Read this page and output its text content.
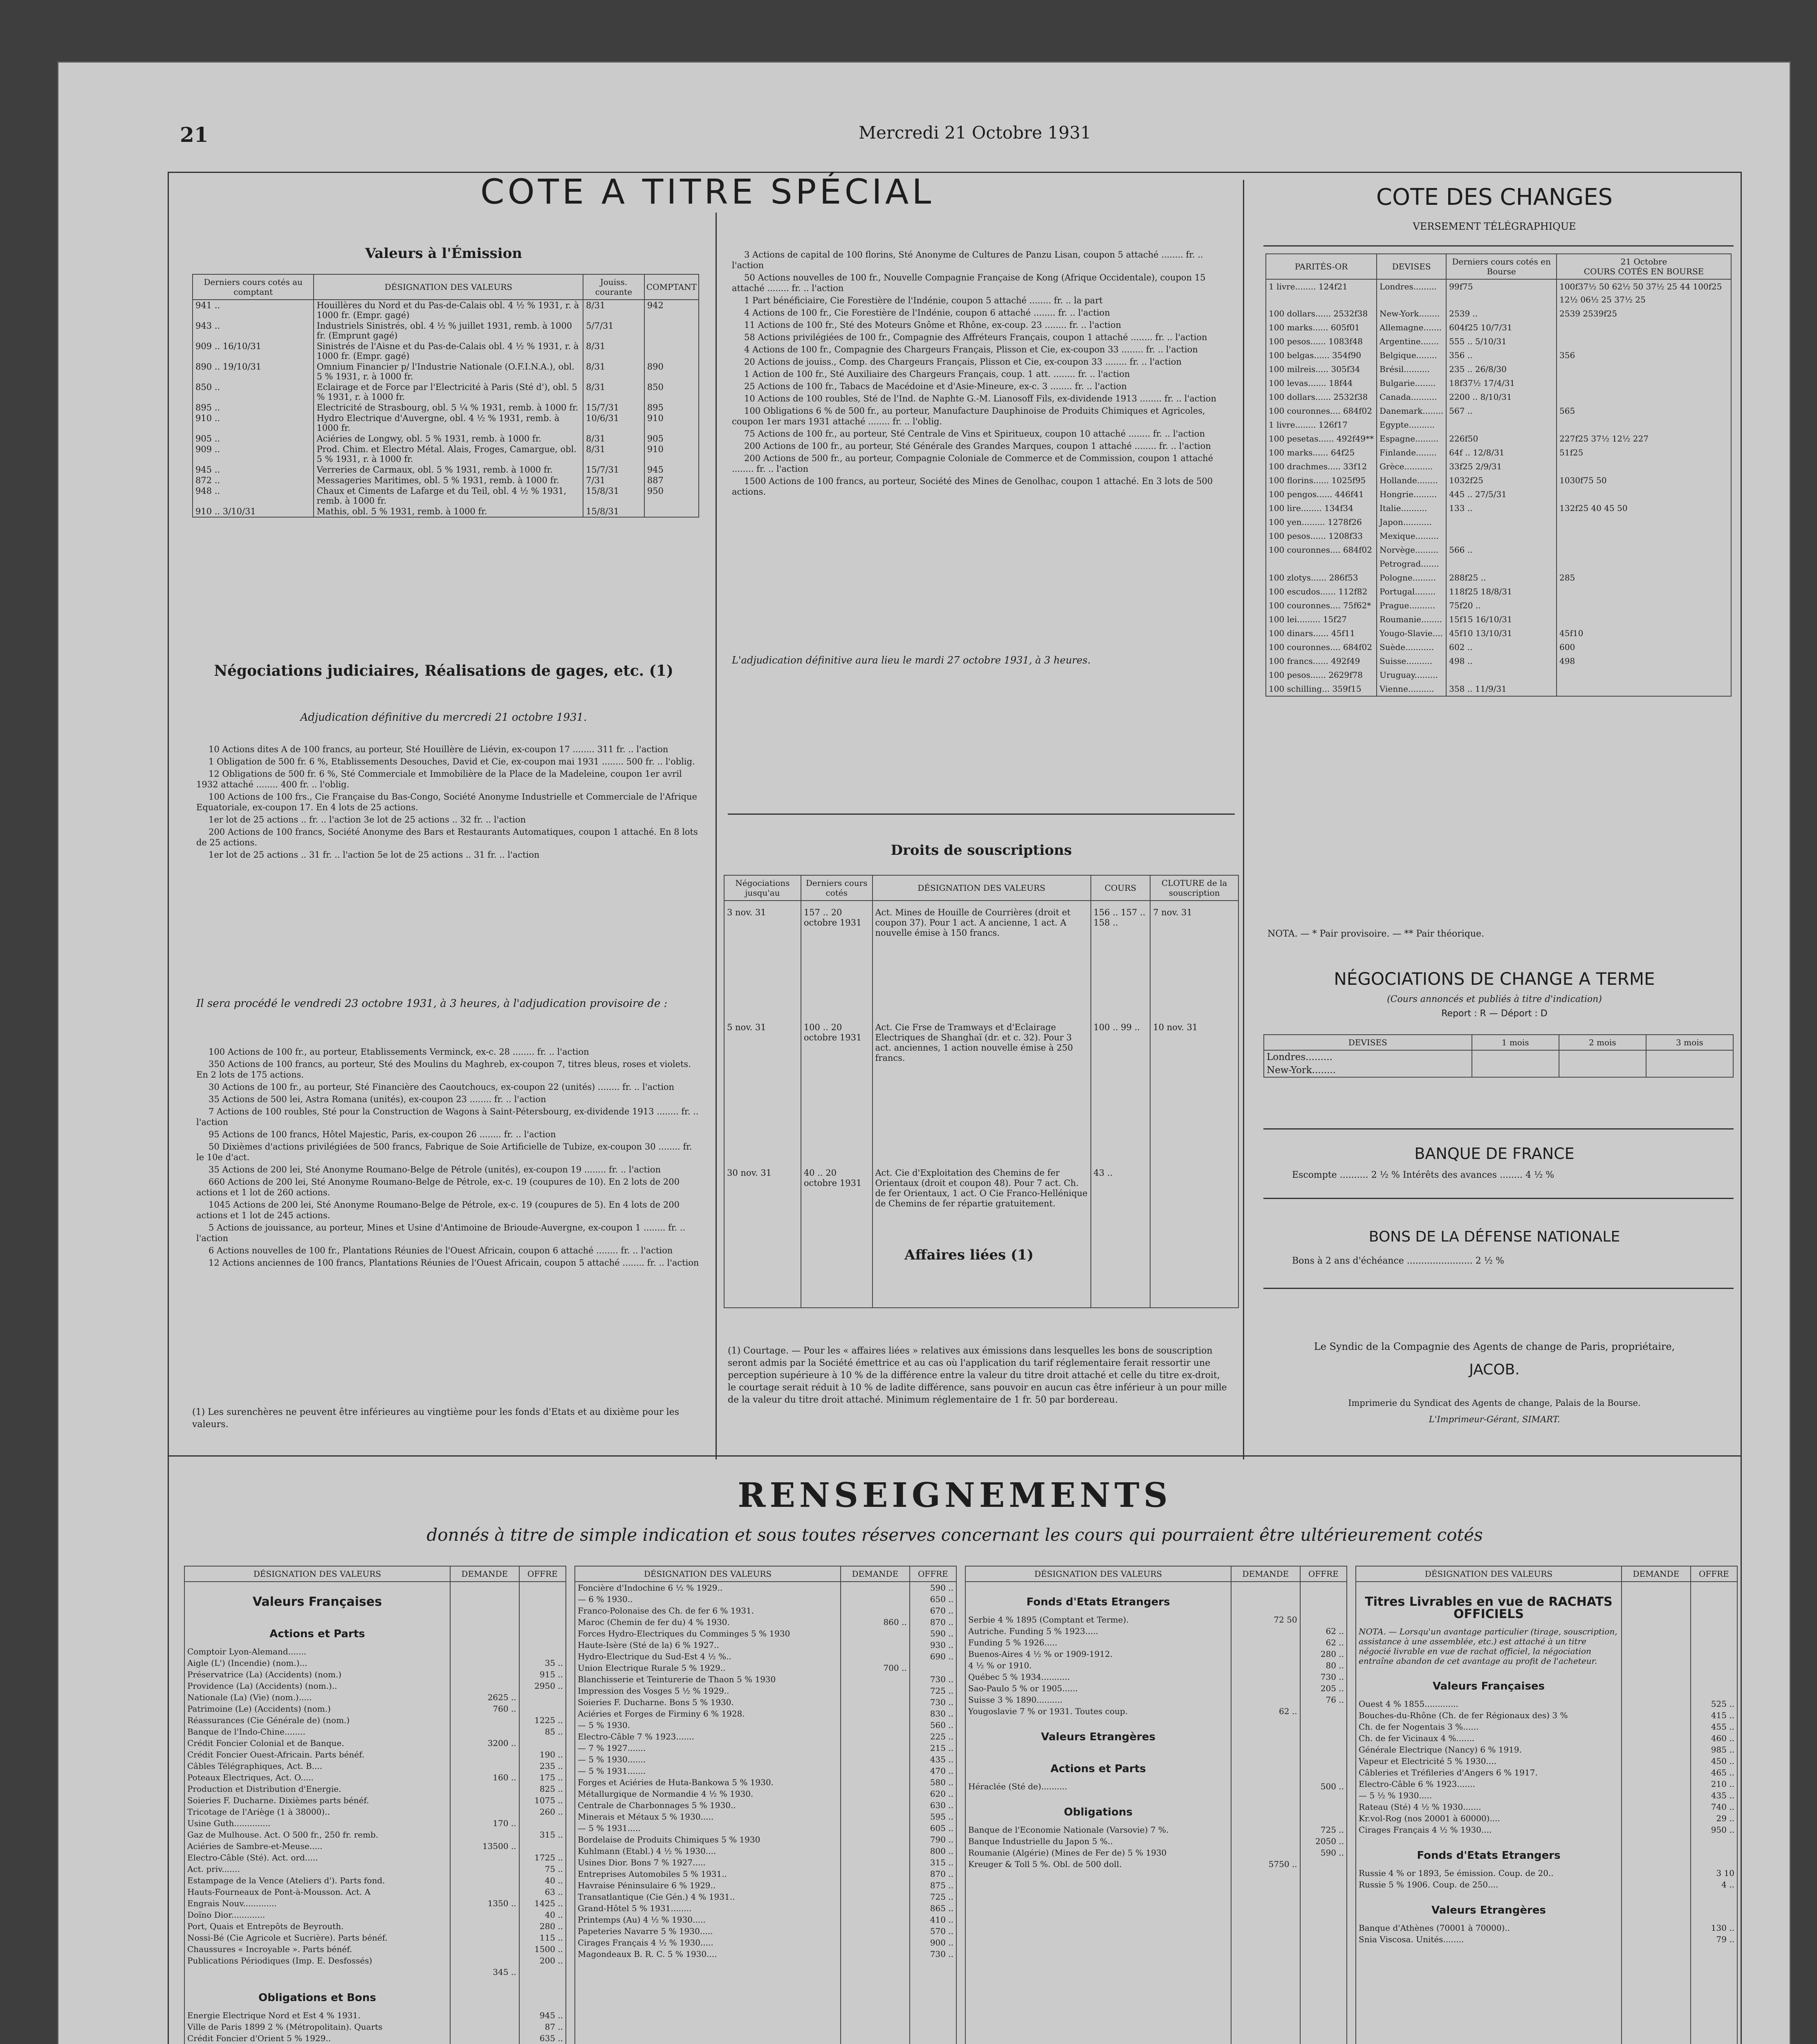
21	Mercredi 21 Octobre 1931
COTE A TITRE SPÉCIAL
Valeurs à l'Émission
Derniers cours cotés au comptant	DÉSIGNATION DES VALEURS	Jouiss. courante	COMPTANT
941 ..	Houillères du Nord et du Pas-de-Calais obl. 4 ½ % 1931, r. à 1000 fr. (Empr. gagé)	8/31	942
943 ..	Industriels Sinistrés, obl. 4 ½ % juillet 1931, remb. à 1000 fr. (Emprunt gagé)	5/7/31	
909 .. 16/10/31	Sinistrés de l'Aisne et du Pas-de-Calais obl. 4 ½ % 1931, r. à 1000 fr. (Empr. gagé)	8/31	
890 .. 19/10/31	Omnium Financier p/ l'Industrie Nationale (O.F.I.N.A.), obl. 5 % 1931, r. à 1000 fr.	8/31	890
850 ..	Eclairage et de Force par l'Electricité à Paris (Sté d'), obl. 5 % 1931, r. à 1000 fr.	8/31	850
895 ..	Electricité de Strasbourg, obl. 5 ¼ % 1931, remb. à 1000 fr.	15/7/31	895
910 ..	Hydro Electrique d'Auvergne, obl. 4 ½ % 1931, remb. à 1000 fr.	10/6/31	910
905 ..	Aciéries de Longwy, obl. 5 % 1931, remb. à 1000 fr.	8/31	905
909 ..	Prod. Chim. et Electro Métal. Alais, Froges, Camargue, obl. 5 % 1931, r. à 1000 fr.	8/31	910
945 ..	Verreries de Carmaux, obl. 5 % 1931, remb. à 1000 fr.	15/7/31	945
872 ..	Messageries Maritimes, obl. 5 % 1931, remb. à 1000 fr.	7/31	887
948 ..	Chaux et Ciments de Lafarge et du Teil, obl. 4 ½ % 1931, remb. à 1000 fr.	15/8/31	950
910 .. 3/10/31	Mathis, obl. 5 % 1931, remb. à 1000 fr.	15/8/31	
Négociations judiciaires, Réalisations de gages, etc. (1)
Adjudication définitive du mercredi 21 octobre 1931.
10 Actions dites A de 100 francs, au porteur, Sté Houillère de Liévin, ex-coupon 17 ........ 311 fr. .. l'action
1 Obligation de 500 fr. 6 %, Etablissements Desouches, David et Cie, ex-coupon mai 1931 ........ 500 fr. .. l'oblig.
12 Obligations de 500 fr. 6 %, Sté Commerciale et Immobilière de la Place de la Madeleine, coupon 1er avril 1932 attaché ........ 400 fr. .. l'oblig.
100 Actions de 100 frs., Cie Française du Bas-Congo, Société Anonyme Industrielle et Commerciale de l'Afrique Equatoriale, ex-coupon 17. En 4 lots de 25 actions.
1er lot de 25 actions .. fr. .. l'action 3e lot de 25 actions .. 32 fr. .. l'action
200 Actions de 100 francs, Société Anonyme des Bars et Restaurants Automatiques, coupon 1 attaché. En 8 lots de 25 actions.
1er lot de 25 actions .. 31 fr. .. l'action 5e lot de 25 actions .. 31 fr. .. l'action
Il sera procédé le vendredi 23 octobre 1931, à 3 heures, à l'adjudication provisoire de :
100 Actions de 100 fr., au porteur, Etablissements Verminck, ex-c. 28 ........ fr. .. l'action
350 Actions de 100 francs, au porteur, Sté des Moulins du Maghreb, ex-coupon 7, titres bleus, roses et violets. En 2 lots de 175 actions.
30 Actions de 100 fr., au porteur, Sté Financière des Caoutchoucs, ex-coupon 22 (unités) ........ fr. .. l'action
35 Actions de 500 lei, Astra Romana (unités), ex-coupon 23 ........ fr. .. l'action
7 Actions de 100 roubles, Sté pour la Construction de Wagons à Saint-Pétersbourg, ex-dividende 1913 ........ fr. .. l'action
95 Actions de 100 francs, Hôtel Majestic, Paris, ex-coupon 26 ........ fr. .. l'action
50 Dixièmes d'actions privilégiées de 500 francs, Fabrique de Soie Artificielle de Tubize, ex-coupon 30 ........ fr. le 10e d'act.
35 Actions de 200 lei, Sté Anonyme Roumano-Belge de Pétrole (unités), ex-coupon 19 ........ fr. .. l'action
660 Actions de 200 lei, Sté Anonyme Roumano-Belge de Pétrole, ex-c. 19 (coupures de 10). En 2 lots de 200 actions et 1 lot de 260 actions.
1045 Actions de 200 lei, Sté Anonyme Roumano-Belge de Pétrole, ex-c. 19 (coupures de 5). En 4 lots de 200 actions et 1 lot de 245 actions.
5 Actions de jouissance, au porteur, Mines et Usine d'Antimoine de Brioude-Auvergne, ex-coupon 1 ........ fr. .. l'action
6 Actions nouvelles de 100 fr., Plantations Réunies de l'Ouest Africain, coupon 6 attaché ........ fr. .. l'action
12 Actions anciennes de 100 francs, Plantations Réunies de l'Ouest Africain, coupon 5 attaché ........ fr. .. l'action
(1) Les surenchères ne peuvent être inférieures au vingtième pour les fonds d'Etats et au dixième pour les valeurs.
3 Actions de capital de 100 florins, Sté Anonyme de Cultures de Panzu Lisan, coupon 5 attaché ........ fr. .. l'action
50 Actions nouvelles de 100 fr., Nouvelle Compagnie Française de Kong (Afrique Occidentale), coupon 15 attaché ........ fr. .. l'action
1 Part bénéficiaire, Cie Forestière de l'Indénie, coupon 5 attaché ........ fr. .. la part
4 Actions de 100 fr., Cie Forestière de l'Indénie, coupon 6 attaché ........ fr. .. l'action
11 Actions de 100 fr., Sté des Moteurs Gnôme et Rhône, ex-coup. 23 ........ fr. .. l'action
58 Actions privilégiées de 100 fr., Compagnie des Affréteurs Français, coupon 1 attaché ........ fr. .. l'action
4 Actions de 100 fr., Compagnie des Chargeurs Français, Plisson et Cie, ex-coupon 33 ........ fr. .. l'action
20 Actions de jouiss., Comp. des Chargeurs Français, Plisson et Cie, ex-coupon 33 ........ fr. .. l'action
1 Action de 100 fr., Sté Auxiliaire des Chargeurs Français, coup. 1 att. ........ fr. .. l'action
25 Actions de 100 fr., Tabacs de Macédoine et d'Asie-Mineure, ex-c. 3 ........ fr. .. l'action
10 Actions de 100 roubles, Sté de l'Ind. de Naphte G.-M. Lianosoff Fils, ex-dividende 1913 ........ fr. .. l'action
100 Obligations 6 % de 500 fr., au porteur, Manufacture Dauphinoise de Produits Chimiques et Agricoles, coupon 1er mars 1931 attaché ........ fr. .. l'oblig.
75 Actions de 100 fr., au porteur, Sté Centrale de Vins et Spiritueux, coupon 10 attaché ........ fr. .. l'action
200 Actions de 100 fr., au porteur, Sté Générale des Grandes Marques, coupon 1 attaché ........ fr. .. l'action
200 Actions de 500 fr., au porteur, Compagnie Coloniale de Commerce et de Commission, coupon 1 attaché ........ fr. .. l'action
1500 Actions de 100 francs, au porteur, Société des Mines de Genolhac, coupon 1 attaché. En 3 lots de 500 actions.
L'adjudication définitive aura lieu le mardi 27 octobre 1931, à 3 heures.
Droits de souscriptions
Négociations jusqu'au	Derniers cours cotés	DÉSIGNATION DES VALEURS	COURS	CLOTURE de la souscription
3 nov. 31	157 .. 20 octobre 1931	Act. Mines de Houille de Courrières (droit et coupon 37). Pour 1 act. A ancienne, 1 act. A nouvelle émise à 150 francs.	156 .. 157 .. 158 ..	7 nov. 31
5 nov. 31	100 .. 20 octobre 1931	Act. Cie Frse de Tramways et d'Eclairage Electriques de Shanghaï (dr. et c. 32). Pour 3 act. anciennes, 1 action nouvelle émise à 250 francs.	100 .. 99 ..	10 nov. 31
30 nov. 31	40 .. 20 octobre 1931	Act. Cie d'Exploitation des Chemins de fer Orientaux (droit et coupon 48). Pour 7 act. Ch. de fer Orientaux, 1 act. O Cie Franco-Hellénique de Chemins de fer répartie gratuitement.	43 ..	
Affaires liées (1)
(1) Courtage. — Pour les « affaires liées » relatives aux émissions dans lesquelles les bons de souscription seront admis par la Société émettrice et au cas où l'application du tarif réglementaire ferait ressortir une perception supérieure à 10 % de la différence entre la valeur du titre droit attaché et celle du titre ex-droit, le courtage serait réduit à 10 % de ladite différence, sans pouvoir en aucun cas être inférieur à un pour mille de la valeur du titre droit attaché. Minimum réglementaire de 1 fr. 50 par bordereau.
COTE DES CHANGES
VERSEMENT TÉLÉGRAPHIQUE
PARITÉS-OR	DEVISES	Derniers cours cotés en Bourse	21 Octobre
COURS COTÉS EN BOURSE

1 livre........ 124f21	Londres.........	99f75	100f37½ 50 62½ 50 37½ 25 44 100f25 12½ 06½ 25 37½ 25
100 dollars...... 2532f38	New-York........	2539 ..	2539 2539f25
100 marks...... 605f01	Allemagne.......	604f25 10/7/31	
100 pesos...... 1083f48	Argentine.......	555 .. 5/10/31	
100 belgas...... 354f90	Belgique........	356 ..	356
100 milreis..... 305f34	Brésil..........	235 .. 26/8/30	
100 levas....... 18f44	Bulgarie........	18f37½ 17/4/31	
100 dollars...... 2532f38	Canada..........	2200 .. 8/10/31	
100 couronnes.... 684f02	Danemark........	567 ..	565
1 livre........ 126f17	Egypte..........		
100 pesetas...... 492f49**	Espagne.........	226f50	227f25 37½ 12½ 227
100 marks...... 64f25	Finlande........	64f .. 12/8/31	51f25
100 drachmes..... 33f12	Grèce...........	33f25 2/9/31	
100 florins...... 1025f95	Hollande........	1032f25	1030f75 50
100 pengos...... 446f41	Hongrie.........	445 .. 27/5/31	
100 lire........ 134f34	Italie..........	133 ..	132f25 40 45 50
100 yen......... 1278f26	Japon...........		
100 pesos...... 1208f33	Mexique.........		
100 couronnes.... 684f02	Norvège.........	566 ..	
	Petrograd.......		
100 zlotys...... 286f53	Pologne.........	288f25 ..	285
100 escudos...... 112f82	Portugal........	118f25 18/8/31	
100 couronnes.... 75f62*	Prague..........	75f20 ..	
100 lei......... 15f27	Roumanie........	15f15 16/10/31	
100 dinars...... 45f11	Yougo-Slavie....	45f10 13/10/31	45f10
100 couronnes.... 684f02	Suède...........	602 ..	600
100 francs...... 492f49	Suisse..........	498 ..	498
100 pesos...... 2629f78	Uruguay.........		
100 schilling... 359f15	Vienne..........	358 .. 11/9/31	
NOTA. — * Pair provisoire. — ** Pair théorique.
NÉGOCIATIONS DE CHANGE A TERME
(Cours annoncés et publiés à titre d'indication)
Report : R — Déport : D
DEVISES	1 mois	2 mois	3 mois
Londres.........			
New-York........			
BANQUE DE FRANCE
Escompte .......... 2 ½ % Intérêts des avances ........ 4 ½ %
BONS DE LA DÉFENSE NATIONALE
Bons à 2 ans d'échéance ....................... 2 ½ %
Le Syndic de la Compagnie des Agents de change de Paris, propriétaire,
JACOB.
Imprimerie du Syndicat des Agents de change, Palais de la Bourse.
L'Imprimeur-Gérant, SIMART.
RENSEIGNEMENTS
donnés à titre de simple indication et sous toutes réserves concernant les cours qui pourraient être ultérieurement cotés
DÉSIGNATION DES VALEURS	DEMANDE	OFFRE
Valeurs Françaises		
Actions et Parts		
Comptoir Lyon-Alemand.......		
Aigle (L') (Incendie) (nom.)...		35 ..
Préservatrice (La) (Accidents) (nom.)		915 ..
Providence (La) (Accidents) (nom.)..		2950 ..
Nationale (La) (Vie) (nom.).....	2625 ..	
Patrimoine (Le) (Accidents) (nom.)	760 ..	
Réassurances (Cie Générale de) (nom.)		1225 ..
Banque de l'Indo-Chine........		85 ..
Crédit Foncier Colonial et de Banque.	3200 ..	
Crédit Foncier Ouest-Africain. Parts bénéf.		190 ..
Câbles Télégraphiques, Act. B....		235 ..
Poteaux Electriques, Act. O.....	160 ..	175 ..
Production et Distribution d'Energie.		825 ..
Soieries F. Ducharne. Dixièmes parts bénéf.		1075 ..
Tricotage de l'Ariège (1 à 38000)..		260 ..
Usine Guth..............	170 ..	
Gaz de Mulhouse. Act. O 500 fr., 250 fr. remb.		315 ..
Aciéries de Sambre-et-Meuse.....	13500 ..	
Electro-Câble (Sté). Act. ord.....		1725 ..
Act. priv.......		75 ..
Estampage de la Vence (Ateliers d'). Parts fond.		40 ..
Hauts-Fourneaux de Pont-à-Mousson. Act. A		63 ..
Engrais Nouv.............	1350 ..	1425 ..
Doïno Dior.............		40 ..
Port, Quais et Entrepôts de Beyrouth.		280 ..
Nossi-Bé (Cie Agricole et Sucrière). Parts bénéf.		115 ..
Chaussures « Incroyable ». Parts bénéf.		1500 ..
Publications Périodiques (Imp. E. Desfossés)		200 ..
	345 ..	
Obligations et Bons		
Energie Electrique Nord et Est 4 % 1931.		945 ..
Ville de Paris 1899 2 % (Métropolitain). Quarts		87 ..
Crédit Foncier d'Orient 5 % 1929..		635 ..

DÉSIGNATION DES VALEURS	DEMANDE	OFFRE
Foncière d'Indochine 6 ½ % 1929..		590 ..
— 6 % 1930..		650 ..
Franco-Polonaise des Ch. de fer 6 % 1931.		670 ..
Maroc (Chemin de fer du) 4 % 1930.	860 ..	870 ..
Forces Hydro-Electriques du Comminges 5 % 1930		590 ..
Haute-Isère (Sté de la) 6 % 1927..		930 ..
Hydro-Electrique du Sud-Est 4 ½ %..		690 ..
Union Electrique Rurale 5 % 1929..	700 ..	
Blanchisserie et Teinturerie de Thaon 5 % 1930		730 ..
Impression des Vosges 5 ½ % 1929..		725 ..
Soieries F. Ducharne. Bons 5 % 1930.		730 ..
Aciéries et Forges de Firminy 6 % 1928.		830 ..
— 5 % 1930.		560 ..
Electro-Câble 7 % 1923.......		225 ..
— 7 % 1927.......		215 ..
— 5 % 1930.......		435 ..
— 5 % 1931.......		470 ..
Forges et Aciéries de Huta-Bankowa 5 % 1930.		580 ..
Métallurgique de Normandie 4 ½ % 1930.		620 ..
Centrale de Charbonnages 5 % 1930..		630 ..
Minerais et Métaux 5 % 1930.....		595 ..
— 5 % 1931.....		605 ..
Bordelaise de Produits Chimiques 5 % 1930		790 ..
Kuhlmann (Etabl.) 4 ½ % 1930....		800 ..
Usines Dior. Bons 7 % 1927.....		315 ..
Entreprises Automobiles 5 % 1931..		870 ..
Havraise Péninsulaire 6 % 1929..		875 ..
Transatlantique (Cie Gén.) 4 % 1931..		725 ..
Grand-Hôtel 5 % 1931........		865 ..
Printemps (Au) 4 ½ % 1930.....		410 ..
Papeteries Navarre 5 % 1930.....		570 ..
Cirages Français 4 ½ % 1930.....		900 ..
Magondeaux B. R. C. 5 % 1930....		730 ..

DÉSIGNATION DES VALEURS	DEMANDE	OFFRE
Fonds d'Etats Etrangers		
Serbie 4 % 1895 (Comptant et Terme).	72 50	
Autriche. Funding 5 % 1923.....		62 ..
Funding 5 % 1926.....		62 ..
Buenos-Aires 4 ½ % or 1909-1912.		280 ..
4 ½ % or 1910.		80 ..
Québec 5 % 1934...........		730 ..
Sao-Paulo 5 % or 1905......		205 ..
Suisse 3 % 1890..........		76 ..
Yougoslavie 7 % or 1931. Toutes coup.	62 ..	
Valeurs Etrangères		
Actions et Parts		
Héraclée (Sté de)..........		500 ..
Obligations		
Banque de l'Economie Nationale (Varsovie) 7 %.		725 ..
Banque Industrielle du Japon 5 %..		2050 ..
Roumanie (Algérie) (Mines de Fer de) 5 % 1930		590 ..
Kreuger & Toll 5 %. Obl. de 500 doll.	5750 ..	

DÉSIGNATION DES VALEURS	DEMANDE	OFFRE
Titres Livrables en vue de RACHATS OFFICIELS		
NOTA. — Lorsqu'un avantage particulier (tirage, souscription, assistance à une assemblée, etc.) est attaché à un titre négocié livrable en vue de rachat officiel, la négociation entraîne abandon de cet avantage au profit de l'acheteur.		
Valeurs Françaises		
Ouest 4 % 1855.............		525 ..
Bouches-du-Rhône (Ch. de fer Régionaux des) 3 %		415 ..
Ch. de fer Nogentais 3 %......		455 ..
Ch. de fer Vicinaux 4 %.......		460 ..
Générale Electrique (Nancy) 6 % 1919.		985 ..
Vapeur et Electricité 5 % 1930....		450 ..
Câbleries et Tréfileries d'Angers 6 % 1917.		465 ..
Electro-Câble 6 % 1923.......		210 ..
— 5 ½ % 1930.....		435 ..
Rateau (Sté) 4 ½ % 1930.......		740 ..
Kr.vol-Rog (nos 20001 à 60000)....		29 ..
Cirages Français 4 ½ % 1930....		950 ..
Fonds d'Etats Etrangers		
Russie 4 % or 1893, 5e émission. Coup. de 20..		3 10
Russie 5 % 1906. Coup. de 250....		4 ..
Valeurs Etrangères		
Banque d'Athènes (70001 à 70000)..		130 ..
Snia Viscosa. Unités........		79 ..
